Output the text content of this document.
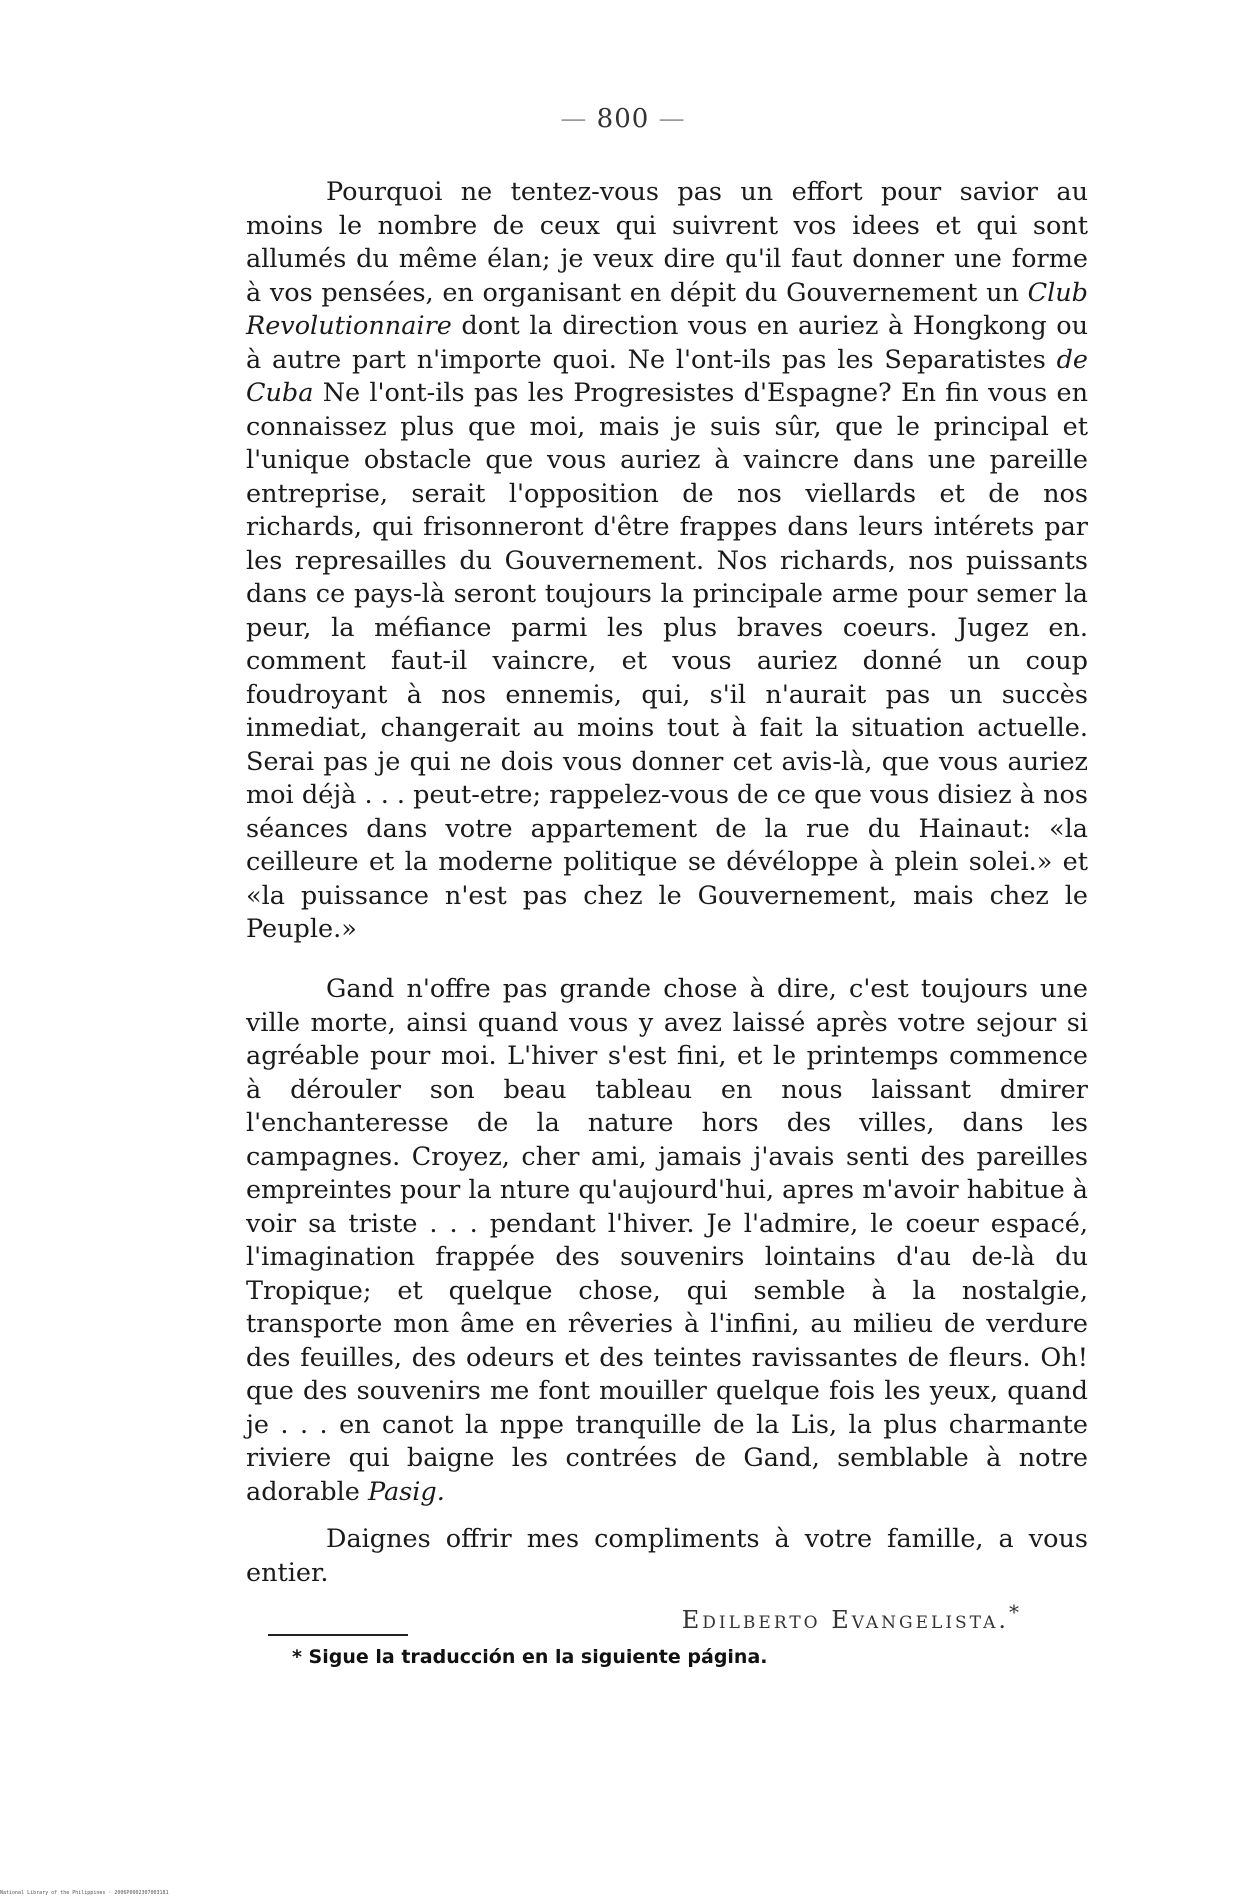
— 800 —

Pourquoi ne tentez-vous pas un effort pour savior au moins le nombre de ceux qui suivrent vos idees et qui sont allumés du même élan; je veux dire qu'il faut donner une forme à vos pensées, en organisant en dépit du Gouvernement un Club Revolutionnaire dont la direction vous en auriez à Hongkong ou à autre part n'importe quoi. Ne l'ont-ils pas les Separatistes de Cuba Ne l'ont-ils pas les Progresistes d'Espagne? En fin vous en connaissez plus que moi, mais je suis sûr, que le principal et l'unique obstacle que vous auriez à vaincre dans une pareille entreprise, serait l'opposition de nos viellards et de nos richards, qui frisonneront d'être frappes dans leurs intérets par les represailles du Gouvernement. Nos richards, nos puissants dans ce pays-là seront toujours la principale arme pour semer la peur, la méfiance parmi les plus braves coeurs. Jugez en. comment faut-il vaincre, et vous auriez donné un coup foudroyant à nos ennemis, qui, s'il n'aurait pas un succès inmediat, changerait au moins tout à fait la situation actuelle. Serai pas je qui ne dois vous donner cet avis-là, que vous auriez moi déjà . . . peut-etre; rappelez-vous de ce que vous disiez à nos séances dans votre appartement de la rue du Hainaut: «la ceilleure et la moderne politique se dévéloppe à plein solei.» et «la puissance n'est pas chez le Gouvernement, mais chez le Peuple.»

Gand n'offre pas grande chose à dire, c'est toujours une ville morte, ainsi quand vous y avez laissé après votre sejour si agréable pour moi. L'hiver s'est fini, et le printemps commence à dérouler son beau tableau en nous laissant dmirer l'enchanteresse de la nature hors des villes, dans les campagnes. Croyez, cher ami, jamais j'avais senti des pareilles empreintes pour la nture qu'aujourd'hui, apres m'avoir habitue à voir sa triste . . . pendant l'hiver. Je l'admire, le coeur espacé, l'imagination frappée des souvenirs lointains d'au de-là du Tropique; et quelque chose, qui semble à la nostalgie, transporte mon âme en rêveries à l'infini, au milieu de verdure des feuilles, des odeurs et des teintes ravissantes de fleurs. Oh! que des souvenirs me font mouiller quelque fois les yeux, quand je . . . en canot la nppe tranquille de la Lis, la plus charmante riviere qui baigne les contrées de Gand, semblable à notre adorable Pasig.

Daignes offrir mes compliments à votre famille, a vous entier.

Edilberto Evangelista.*
* Sigue la traducción en la siguiente página.
National Library of the Philippines · 2006P0002307003181
